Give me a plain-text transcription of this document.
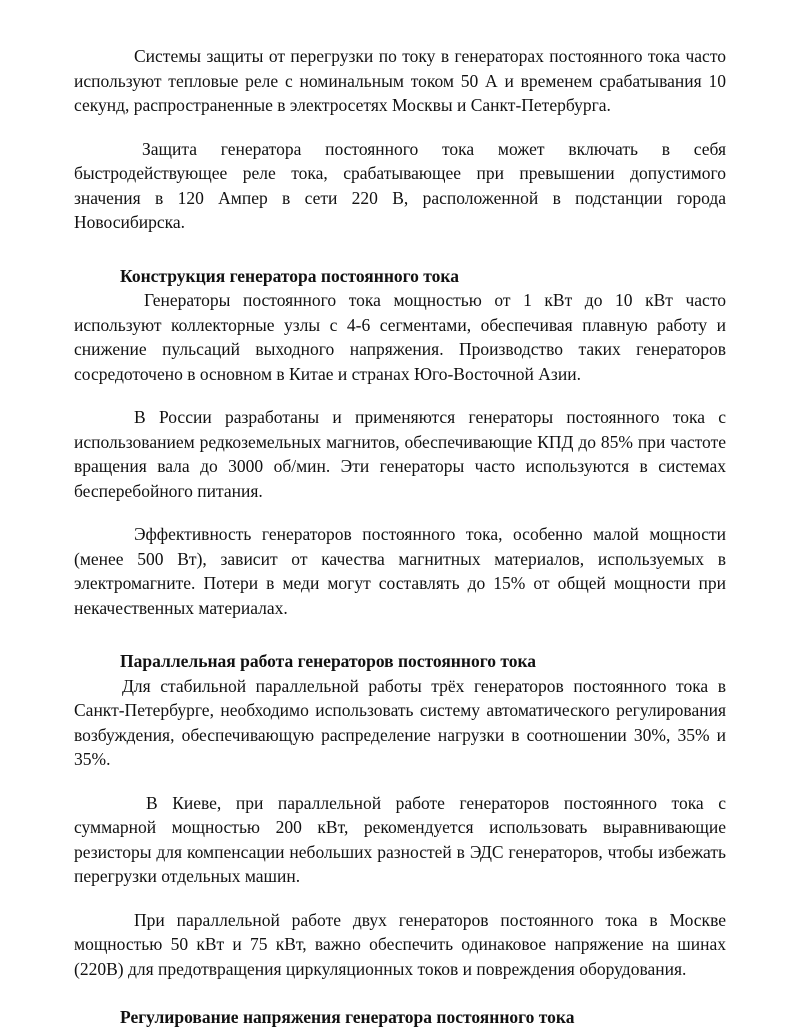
Системы защиты от перегрузки по току в генераторах постоянного тока часто используют тепловые реле с номинальным током 50 А и временем срабатывания 10 секунд, распространенные в электросетях Москвы и Санкт-Петербурга.

Защита генератора постоянного тока может включать в себя быстродействующее реле тока, срабатывающее при превышении допустимого значения в 120 Ампер в сети 220 В, расположенной в подстанции города Новосибирска.

Конструкция генератора постоянного тока

Генераторы постоянного тока мощностью от 1 кВт до 10 кВт часто используют коллекторные узлы с 4-6 сегментами, обеспечивая плавную работу и снижение пульсаций выходного напряжения. Производство таких генераторов сосредоточено в основном в Китае и странах Юго-Восточной Азии.

В России разработаны и применяются генераторы постоянного тока с использованием редкоземельных магнитов, обеспечивающие КПД до 85% при частоте вращения вала до 3000 об/мин. Эти генераторы часто используются в системах бесперебойного питания.

Эффективность генераторов постоянного тока, особенно малой мощности (менее 500 Вт), зависит от качества магнитных материалов, используемых в электромагните. Потери в меди могут составлять до 15% от общей мощности при некачественных материалах.

Параллельная работа генераторов постоянного тока

Для стабильной параллельной работы трёх генераторов постоянного тока в Санкт-Петербурге, необходимо использовать систему автоматического регулирования возбуждения, обеспечивающую распределение нагрузки в соотношении 30%, 35% и 35%.

В Киеве, при параллельной работе генераторов постоянного тока с суммарной мощностью 200 кВт, рекомендуется использовать выравнивающие резисторы для компенсации небольших разностей в ЭДС генераторов, чтобы избежать перегрузки отдельных машин.

При параллельной работе двух генераторов постоянного тока в Москве мощностью 50 кВт и 75 кВт, важно обеспечить одинаковое напряжение на шинах (220В) для предотвращения циркуляционных токов и повреждения оборудования.

Регулирование напряжения генератора постоянного тока
